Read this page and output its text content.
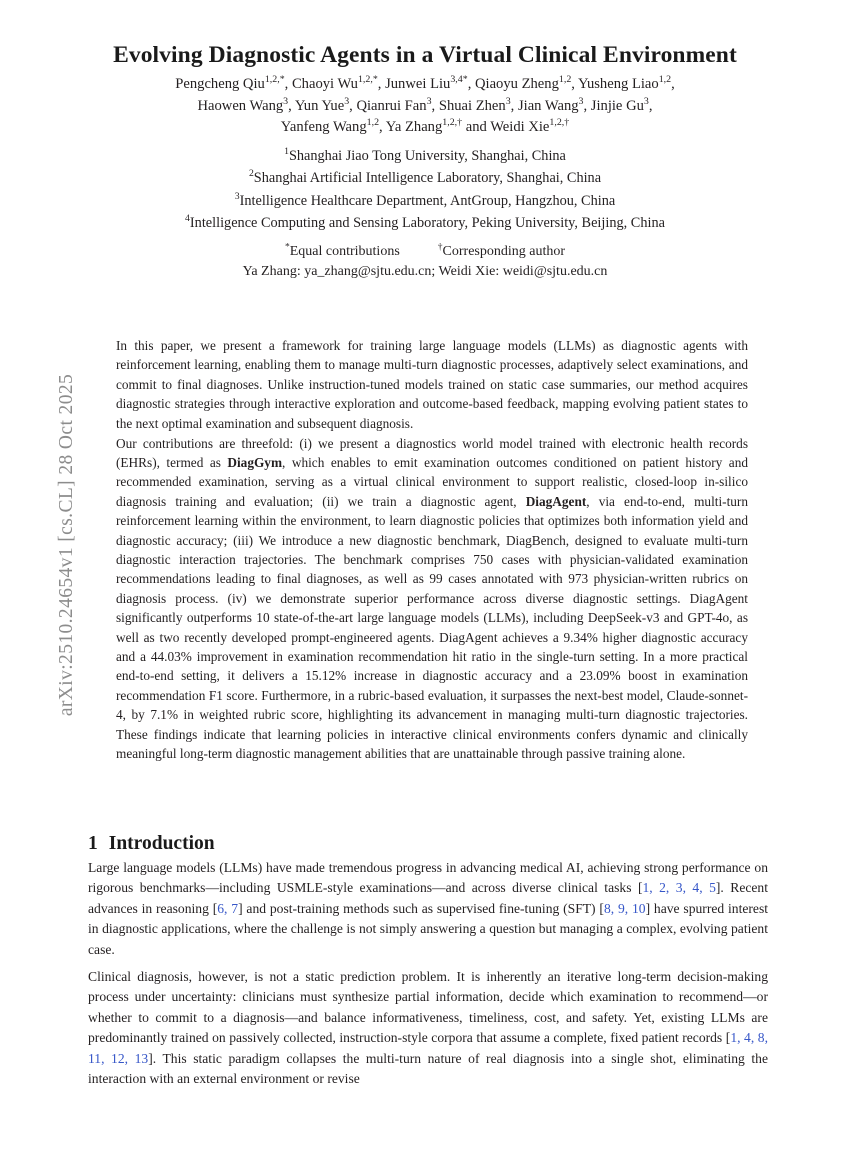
arXiv:2510.24654v1 [cs.CL] 28 Oct 2025
Evolving Diagnostic Agents in a Virtual Clinical Environment
Pengcheng Qiu$^{1,2,*}$, Chaoyi $Wu^{1,2,*}$, Junwei Liu$^{3,4*}$, Qiaoyu Zheng$^{1,2}$, Yusheng Liao$^{1,2}$,
Haowen Wang$^3$, Yun Yue$^3$, Qianrui Fan$^3$, Shuai Zhen$^3$, Jian Wang$^3$, Jinjie Gu$^3$,
Yanfeng Wang$^{1,2}$, Ya Zhang$^{1,2,\dagger}$ and Weidi Xie$^{1,2,\dagger}$
$^1$Shanghai Jiao Tong University, Shanghai, China
$^2$Shanghai Artificial Intelligence Laboratory, Shanghai, China
$^3$Intelligence Healthcare Department, AntGroup, Hangzhou, China
$^4$Intelligence Computing and Sensing Laboratory, Peking University, Beijing, China
*Equal contributions	†Corresponding author
Ya Zhang: ya_zhang@sjtu.edu.cn; Weidi Xie: weidi@sjtu.edu.cn

In this paper, we present a framework for training large language models (LLMs) as diagnostic agents with reinforcement learning, enabling them to manage multi-turn diagnostic processes, adaptively select examinations, and commit to final diagnoses. Unlike instruction-tuned models trained on static case summaries, our method acquires diagnostic strategies through interactive exploration and outcome-based feedback, mapping evolving patient states to the next optimal examination and subsequent diagnosis.

Our contributions are threefold: (i) we present a diagnostics world model trained with electronic health records (EHRs), termed as DiagGym, which enables to emit examination outcomes conditioned on patient history and recommended examination, serving as a virtual clinical environment to support realistic, closed-loop in-silico diagnosis training and evaluation; (ii) we train a diagnostic agent, DiagAgent, via end-to-end, multi-turn reinforcement learning within the environment, to learn diagnostic policies that optimizes both information yield and diagnostic accuracy; (iii) We introduce a new diagnostic benchmark, DiagBench, designed to evaluate multi-turn diagnostic interaction trajectories. The benchmark comprises 750 cases with physician-validated examination recommendations leading to final diagnoses, as well as 99 cases annotated with 973 physician-written rubrics on diagnosis process. (iv) we demonstrate superior performance across diverse diagnostic settings. DiagAgent significantly outperforms 10 state-of-the-art large language models (LLMs), including DeepSeek-v3 and GPT-4o, as well as two recently developed prompt-engineered agents. DiagAgent achieves a 9.34% higher diagnostic accuracy and a 44.03% improvement in examination recommendation hit ratio in the single-turn setting. In a more practical end-to-end setting, it delivers a 15.12% increase in diagnostic accuracy and a 23.09% boost in examination recommendation F1 score. Furthermore, in a rubric-based evaluation, it surpasses the next-best model, Claude-sonnet-4, by 7.1% in weighted rubric score, highlighting its advancement in managing multi-turn diagnostic trajectories. These findings indicate that learning policies in interactive clinical environments confers dynamic and clinically meaningful long-term diagnostic management abilities that are unattainable through passive training alone.

1 Introduction

Large language models (LLMs) have made tremendous progress in advancing medical AI, achieving strong performance on rigorous benchmarks—including USMLE-style examinations—and across diverse clinical tasks [1, 2, 3, 4, 5]. Recent advances in reasoning [6, 7] and post-training methods such as supervised fine-tuning (SFT) [8, 9, 10] have spurred interest in diagnostic applications, where the challenge is not simply answering a question but managing a complex, evolving patient case.

Clinical diagnosis, however, is not a static prediction problem. It is inherently an iterative long-term decision-making process under uncertainty: clinicians must synthesize partial information, decide which examination to recommend—or whether to commit to a diagnosis—and balance informativeness, timeliness, cost, and safety. Yet, existing LLMs are predominantly trained on passively collected, instruction-style corpora that assume a complete, fixed patient records [1, 4, 8, 11, 12, 13]. This static paradigm collapses the multi-turn nature of real diagnosis into a single shot, eliminating the interaction with an external environment or revise
